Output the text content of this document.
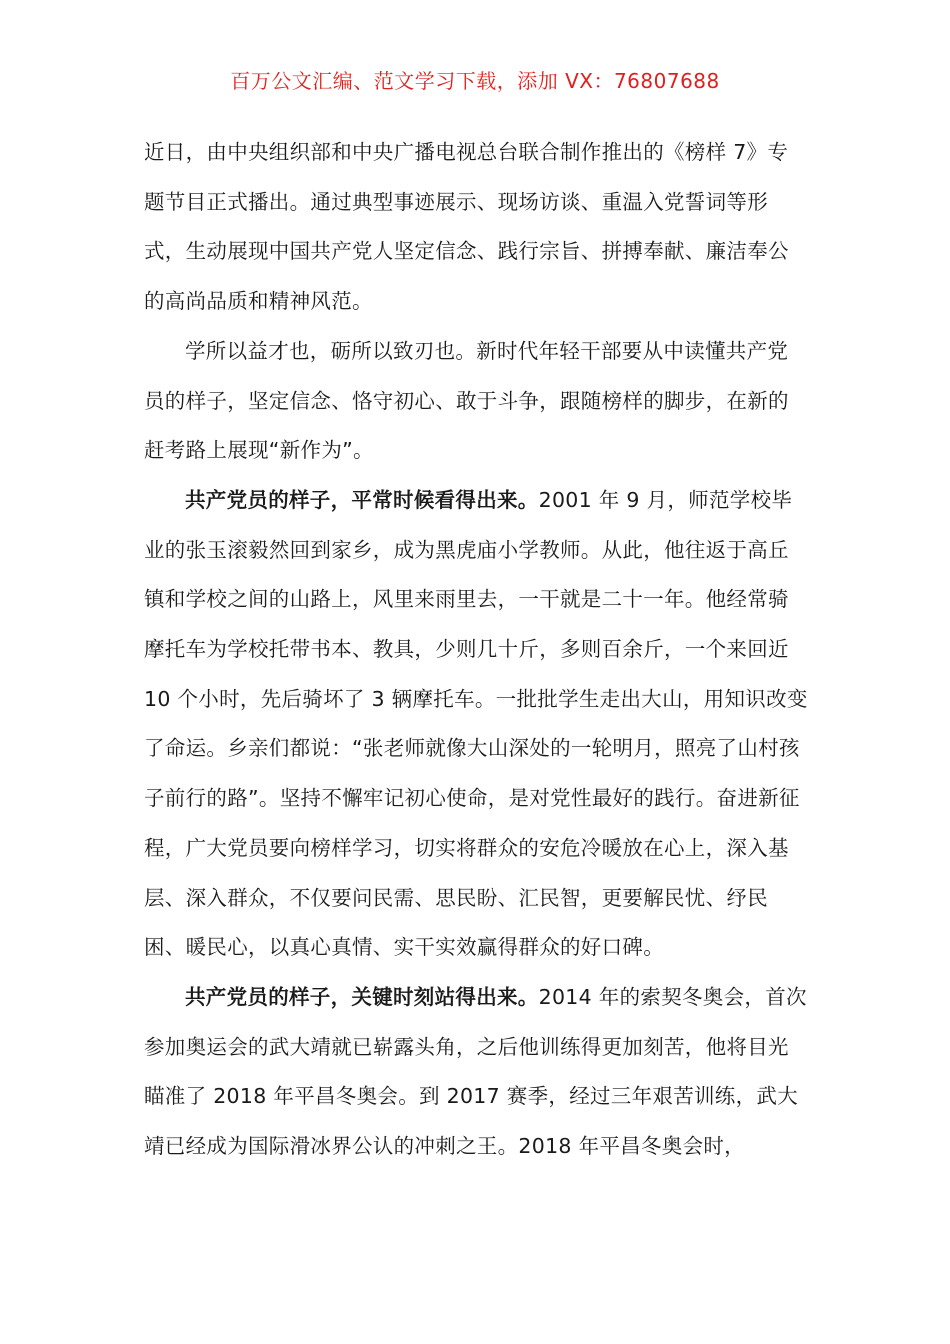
百万公文汇编、范文学习下载，添加 VX：76807688

近日，由中央组织部和中央广播电视总台联合制作推出的《榜样 7》专题节目正式播出。通过典型事迹展示、现场访谈、重温入党誓词等形式，生动展现中国共产党人坚定信念、践行宗旨、拼搏奉献、廉洁奉公的高尚品质和精神风范。

学所以益才也，砺所以致刃也。新时代年轻干部要从中读懂共产党员的样子，坚定信念、恪守初心、敢于斗争，跟随榜样的脚步，在新的赶考路上展现“新作为”。

共产党员的样子，平常时候看得出来。2001 年 9 月，师范学校毕业的张玉滚毅然回到家乡，成为黑虎庙小学教师。从此，他往返于高丘镇和学校之间的山路上，风里来雨里去，一干就是二十一年。他经常骑摩托车为学校托带书本、教具，少则几十斤，多则百余斤，一个来回近 10 个小时，先后骑坏了 3 辆摩托车。一批批学生走出大山，用知识改变了命运。乡亲们都说：“张老师就像大山深处的一轮明月，照亮了山村孩子前行的路”。坚持不懈牢记初心使命，是对党性最好的践行。奋进新征程，广大党员要向榜样学习，切实将群众的安危冷暖放在心上，深入基层、深入群众，不仅要问民需、思民盼、汇民智，更要解民忧、纾民困、暖民心，以真心真情、实干实效赢得群众的好口碑。

共产党员的样子，关键时刻站得出来。2014 年的索契冬奥会，首次参加奥运会的武大靖就已崭露头角，之后他训练得更加刻苦，他将目光瞄准了 2018 年平昌冬奥会。到 2017 赛季，经过三年艰苦训练，武大靖已经成为国际滑冰界公认的冲刺之王。2018 年平昌冬奥会时，
